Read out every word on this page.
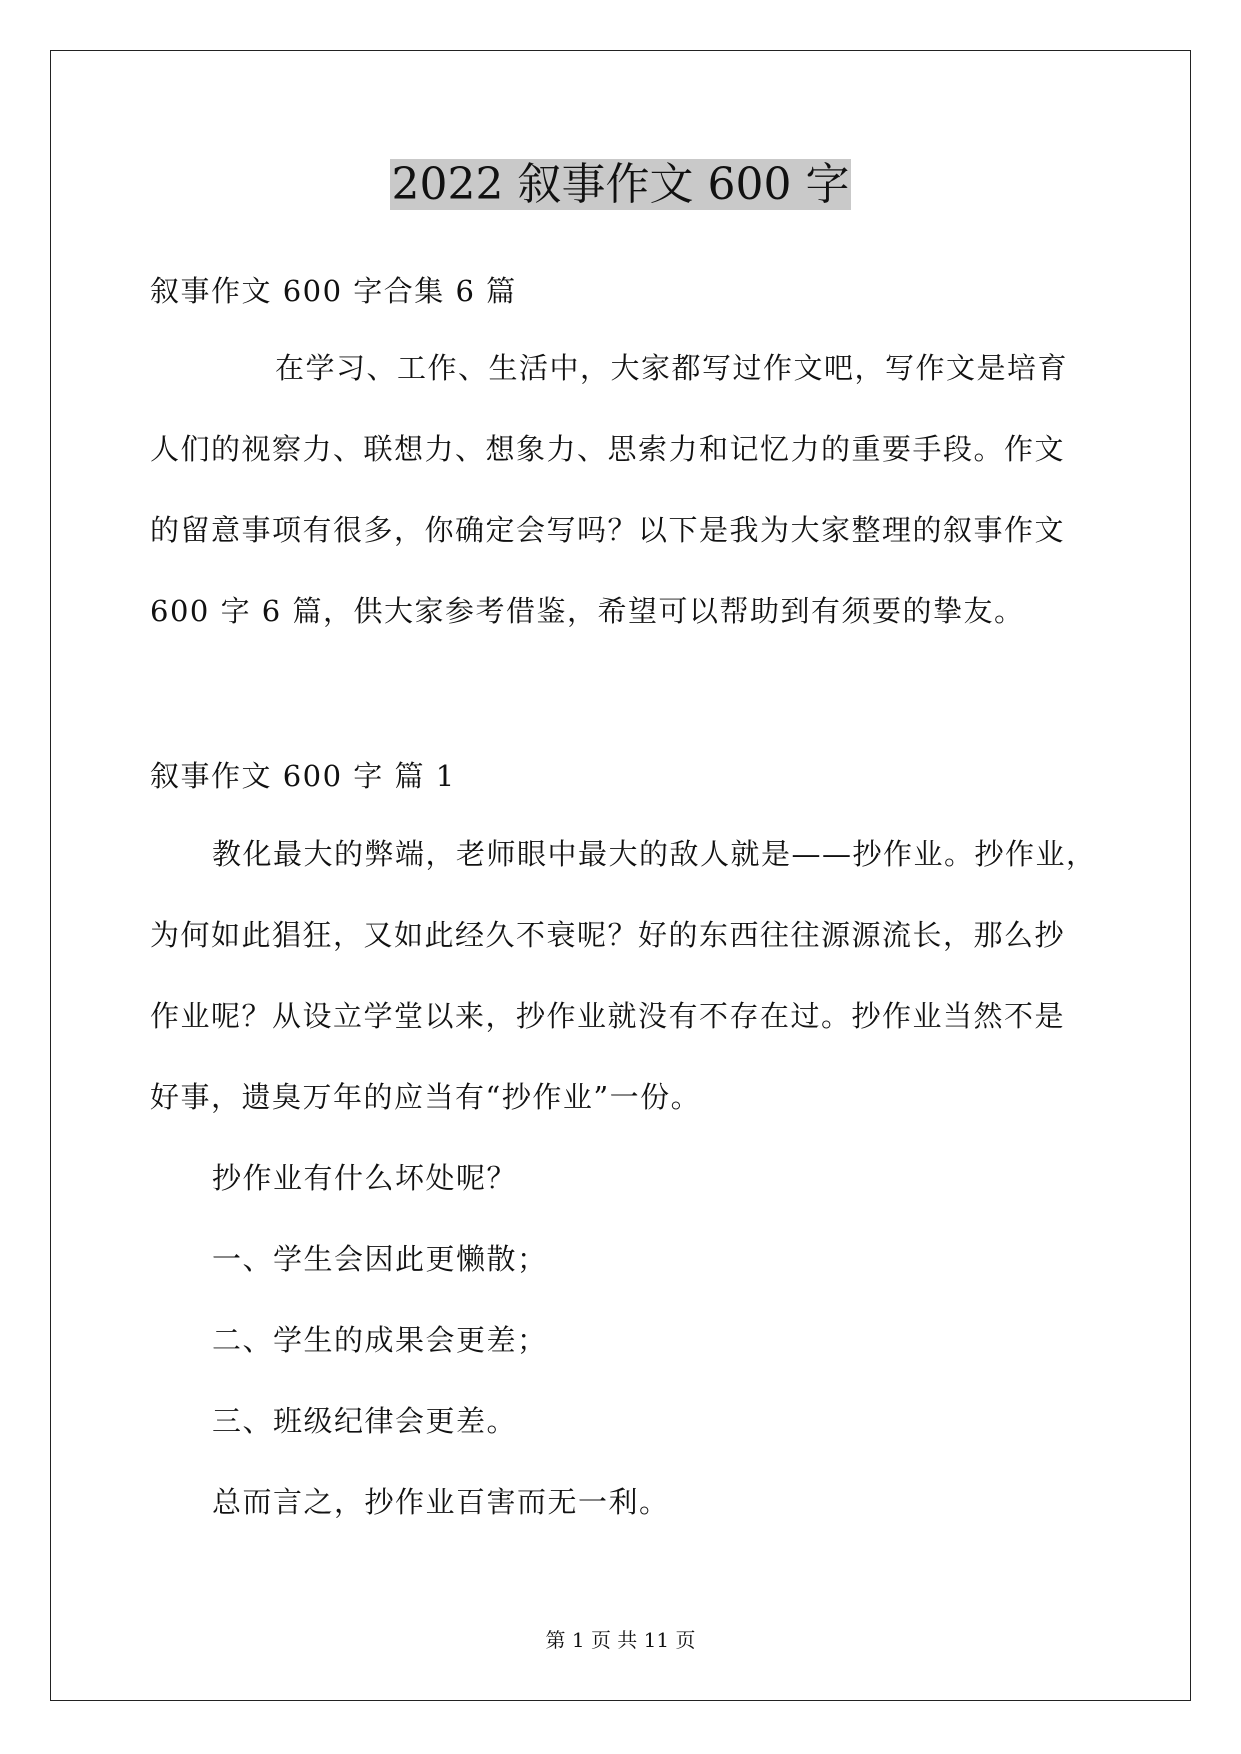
2022 叙事作文 600 字
叙事作文 600 字合集 6 篇
在学习、工作、生活中，大家都写过作文吧，写作文是培育
人们的视察力、联想力、想象力、思索力和记忆力的重要手段。作文
的留意事项有很多，你确定会写吗？以下是我为大家整理的叙事作文
600 字 6 篇，供大家参考借鉴，希望可以帮助到有须要的挚友。
叙事作文 600 字 篇 1
教化最大的弊端，老师眼中最大的敌人就是——抄作业。抄作业，
为何如此猖狂，又如此经久不衰呢？好的东西往往源源流长，那么抄
作业呢？从设立学堂以来，抄作业就没有不存在过。抄作业当然不是
好事，遗臭万年的应当有“抄作业”一份。
抄作业有什么坏处呢？
一、学生会因此更懒散；
二、学生的成果会更差；
三、班级纪律会更差。
总而言之，抄作业百害而无一利。
第 1 页 共 11 页
